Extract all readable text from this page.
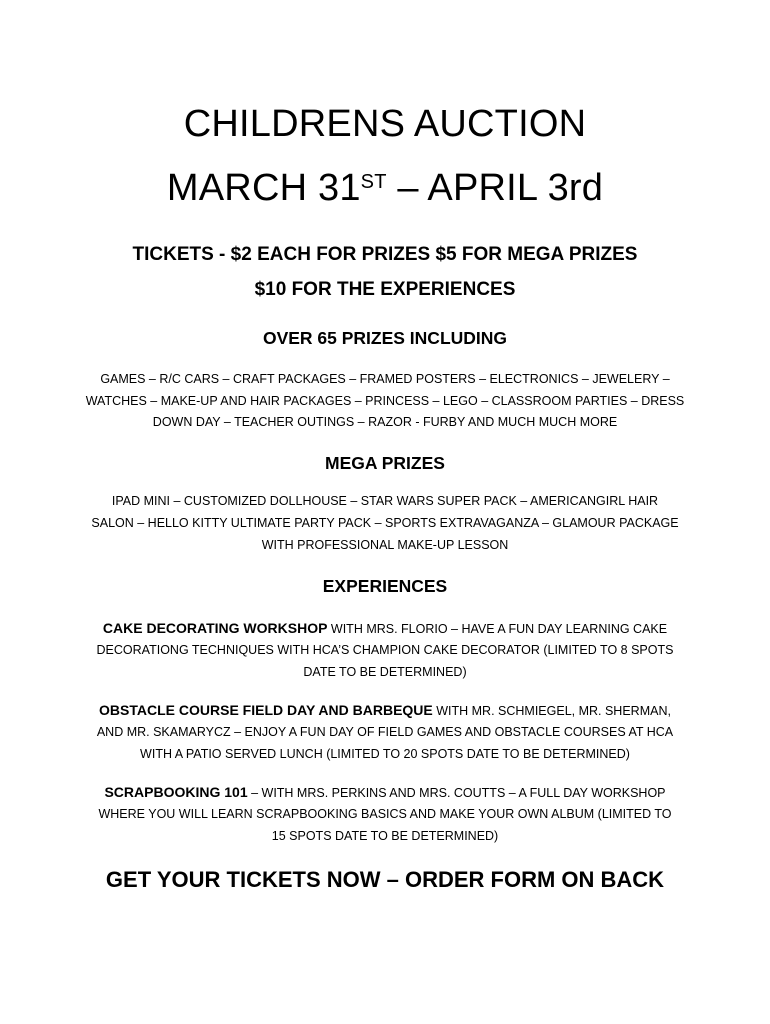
CHILDRENS AUCTION
MARCH 31ST – APRIL 3rd
TICKETS - $2 EACH FOR PRIZES $5 FOR MEGA PRIZES
$10 FOR THE EXPERIENCES
OVER 65 PRIZES INCLUDING
GAMES – R/C CARS – CRAFT PACKAGES – FRAMED POSTERS – ELECTRONICS – JEWELERY –
WATCHES – MAKE-UP AND HAIR PACKAGES – PRINCESS – LEGO – CLASSROOM PARTIES – DRESS
DOWN DAY – TEACHER OUTINGS – RAZOR - FURBY AND MUCH MUCH MORE
MEGA PRIZES
IPAD MINI – CUSTOMIZED DOLLHOUSE – STAR WARS SUPER PACK – AMERICANGIRL HAIR
SALON – HELLO KITTY ULTIMATE PARTY PACK – SPORTS EXTRAVAGANZA – GLAMOUR PACKAGE
WITH PROFESSIONAL MAKE-UP LESSON
EXPERIENCES
CAKE DECORATING WORKSHOP WITH MRS. FLORIO – HAVE A FUN DAY LEARNING CAKE
DECORATIONG TECHNIQUES WITH HCA’S CHAMPION CAKE DECORATOR (LIMITED TO 8 SPOTS
DATE TO BE DETERMINED)
OBSTACLE COURSE FIELD DAY AND BARBEQUE WITH MR. SCHMIEGEL, MR. SHERMAN,
AND MR. SKAMARYCZ – ENJOY A FUN DAY OF FIELD GAMES AND OBSTACLE COURSES AT HCA
WITH A PATIO SERVED LUNCH (LIMITED TO 20 SPOTS DATE TO BE DETERMINED)
SCRAPBOOKING 101 – WITH MRS. PERKINS AND MRS. COUTTS – A FULL DAY WORKSHOP
WHERE YOU WILL LEARN SCRAPBOOKING BASICS AND MAKE YOUR OWN ALBUM (LIMITED TO
15 SPOTS DATE TO BE DETERMINED)
GET YOUR TICKETS NOW – ORDER FORM ON BACK
